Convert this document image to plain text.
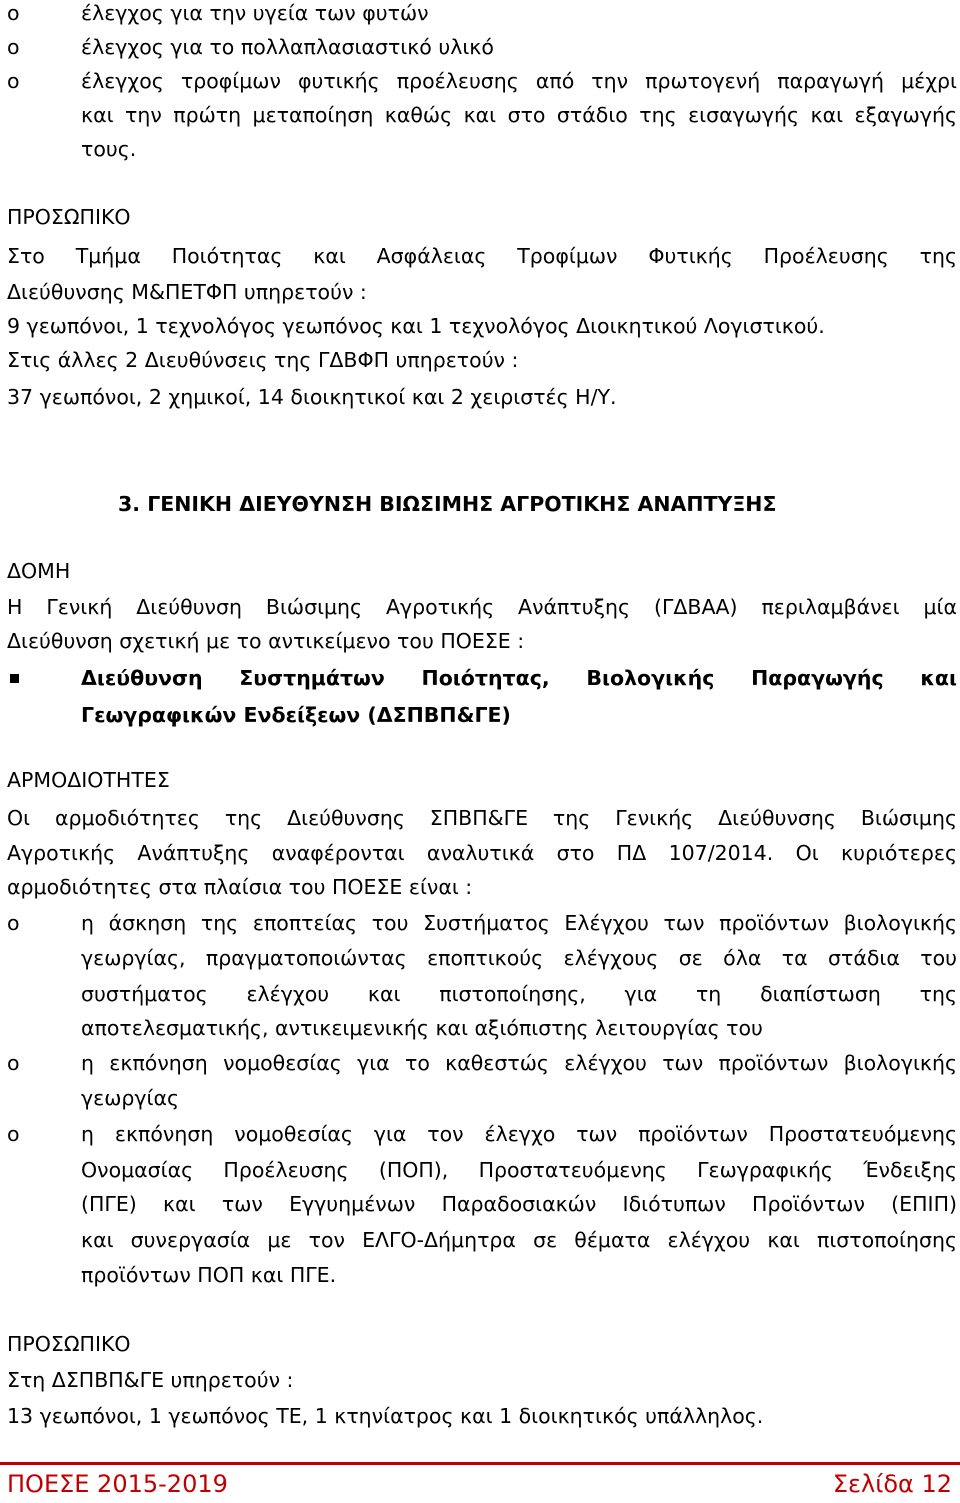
o	έλεγχος για την υγεία των φυτών
o	έλεγχος για το πολλαπλασιαστικό υλικό
o	έλεγχος τροφίμων φυτικής προέλευσης από την πρωτογενή παραγωγή μέχρι
και την πρώτη μεταποίηση καθώς και στο στάδιο της εισαγωγής και εξαγωγής
τους.
ΠΡΟΣΩΠΙΚΟ
Στο Τμήμα Ποιότητας και Ασφάλειας Τροφίμων Φυτικής Προέλευσης της
Διεύθυνσης Μ&ΠΕΤΦΠ υπηρετούν :
9 γεωπόνοι, 1 τεχνολόγος γεωπόνος και 1 τεχνολόγος Διοικητικού Λογιστικού.
Στις άλλες 2 Διευθύνσεις της ΓΔΒΦΠ υπηρετούν :
37 γεωπόνοι, 2 χημικοί, 14 διοικητικοί και 2 χειριστές Η/Υ.
3. ΓΕΝΙΚΗ ΔΙΕΥΘΥΝΣΗ ΒΙΩΣΙΜΗΣ ΑΓΡΟΤΙΚΗΣ ΑΝΑΠΤΥΞΗΣ
ΔΟΜΗ
Η Γενική Διεύθυνση Βιώσιμης Αγροτικής Ανάπτυξης (ΓΔΒΑΑ) περιλαμβάνει μία
Διεύθυνση σχετική με το αντικείμενο του ΠΟΕΣΕ :
Διεύθυνση Συστημάτων Ποιότητας, Βιολογικής Παραγωγής και
Γεωγραφικών Ενδείξεων (ΔΣΠΒΠ&ΓΕ)
ΑΡΜΟΔΙΟΤΗΤΕΣ
Οι αρμοδιότητες της Διεύθυνσης ΣΠΒΠ&ΓΕ της Γενικής Διεύθυνσης Βιώσιμης
Αγροτικής Ανάπτυξης αναφέρονται αναλυτικά στο ΠΔ 107/2014. Οι κυριότερες
αρμοδιότητες στα πλαίσια του ΠΟΕΣΕ είναι :
o	η άσκηση της εποπτείας του Συστήματος Ελέγχου των προϊόντων βιολογικής
γεωργίας, πραγματοποιώντας εποπτικούς ελέγχους σε όλα τα στάδια του
συστήματος ελέγχου και πιστοποίησης, για τη διαπίστωση της
αποτελεσματικής, αντικειμενικής και αξιόπιστης λειτουργίας του
o	η εκπόνηση νομοθεσίας για το καθεστώς ελέγχου των προϊόντων βιολογικής
γεωργίας
o	η εκπόνηση νομοθεσίας για τον έλεγχο των προϊόντων Προστατευόμενης
Ονομασίας Προέλευσης (ΠΟΠ), Προστατευόμενης Γεωγραφικής Ένδειξης
(ΠΓΕ) και των Εγγυημένων Παραδοσιακών Ιδιότυπων Προϊόντων (ΕΠΙΠ)
και συνεργασία με τον ΕΛΓΟ-Δήμητρα σε θέματα ελέγχου και πιστοποίησης
προϊόντων ΠΟΠ και ΠΓΕ.
ΠΡΟΣΩΠΙΚΟ
Στη ΔΣΠΒΠ&ΓΕ υπηρετούν :
13 γεωπόνοι, 1 γεωπόνος ΤΕ, 1 κτηνίατρος και 1 διοικητικός υπάλληλος.
ΠΟΕΣΕ 2015-2019	Σελίδα 12
